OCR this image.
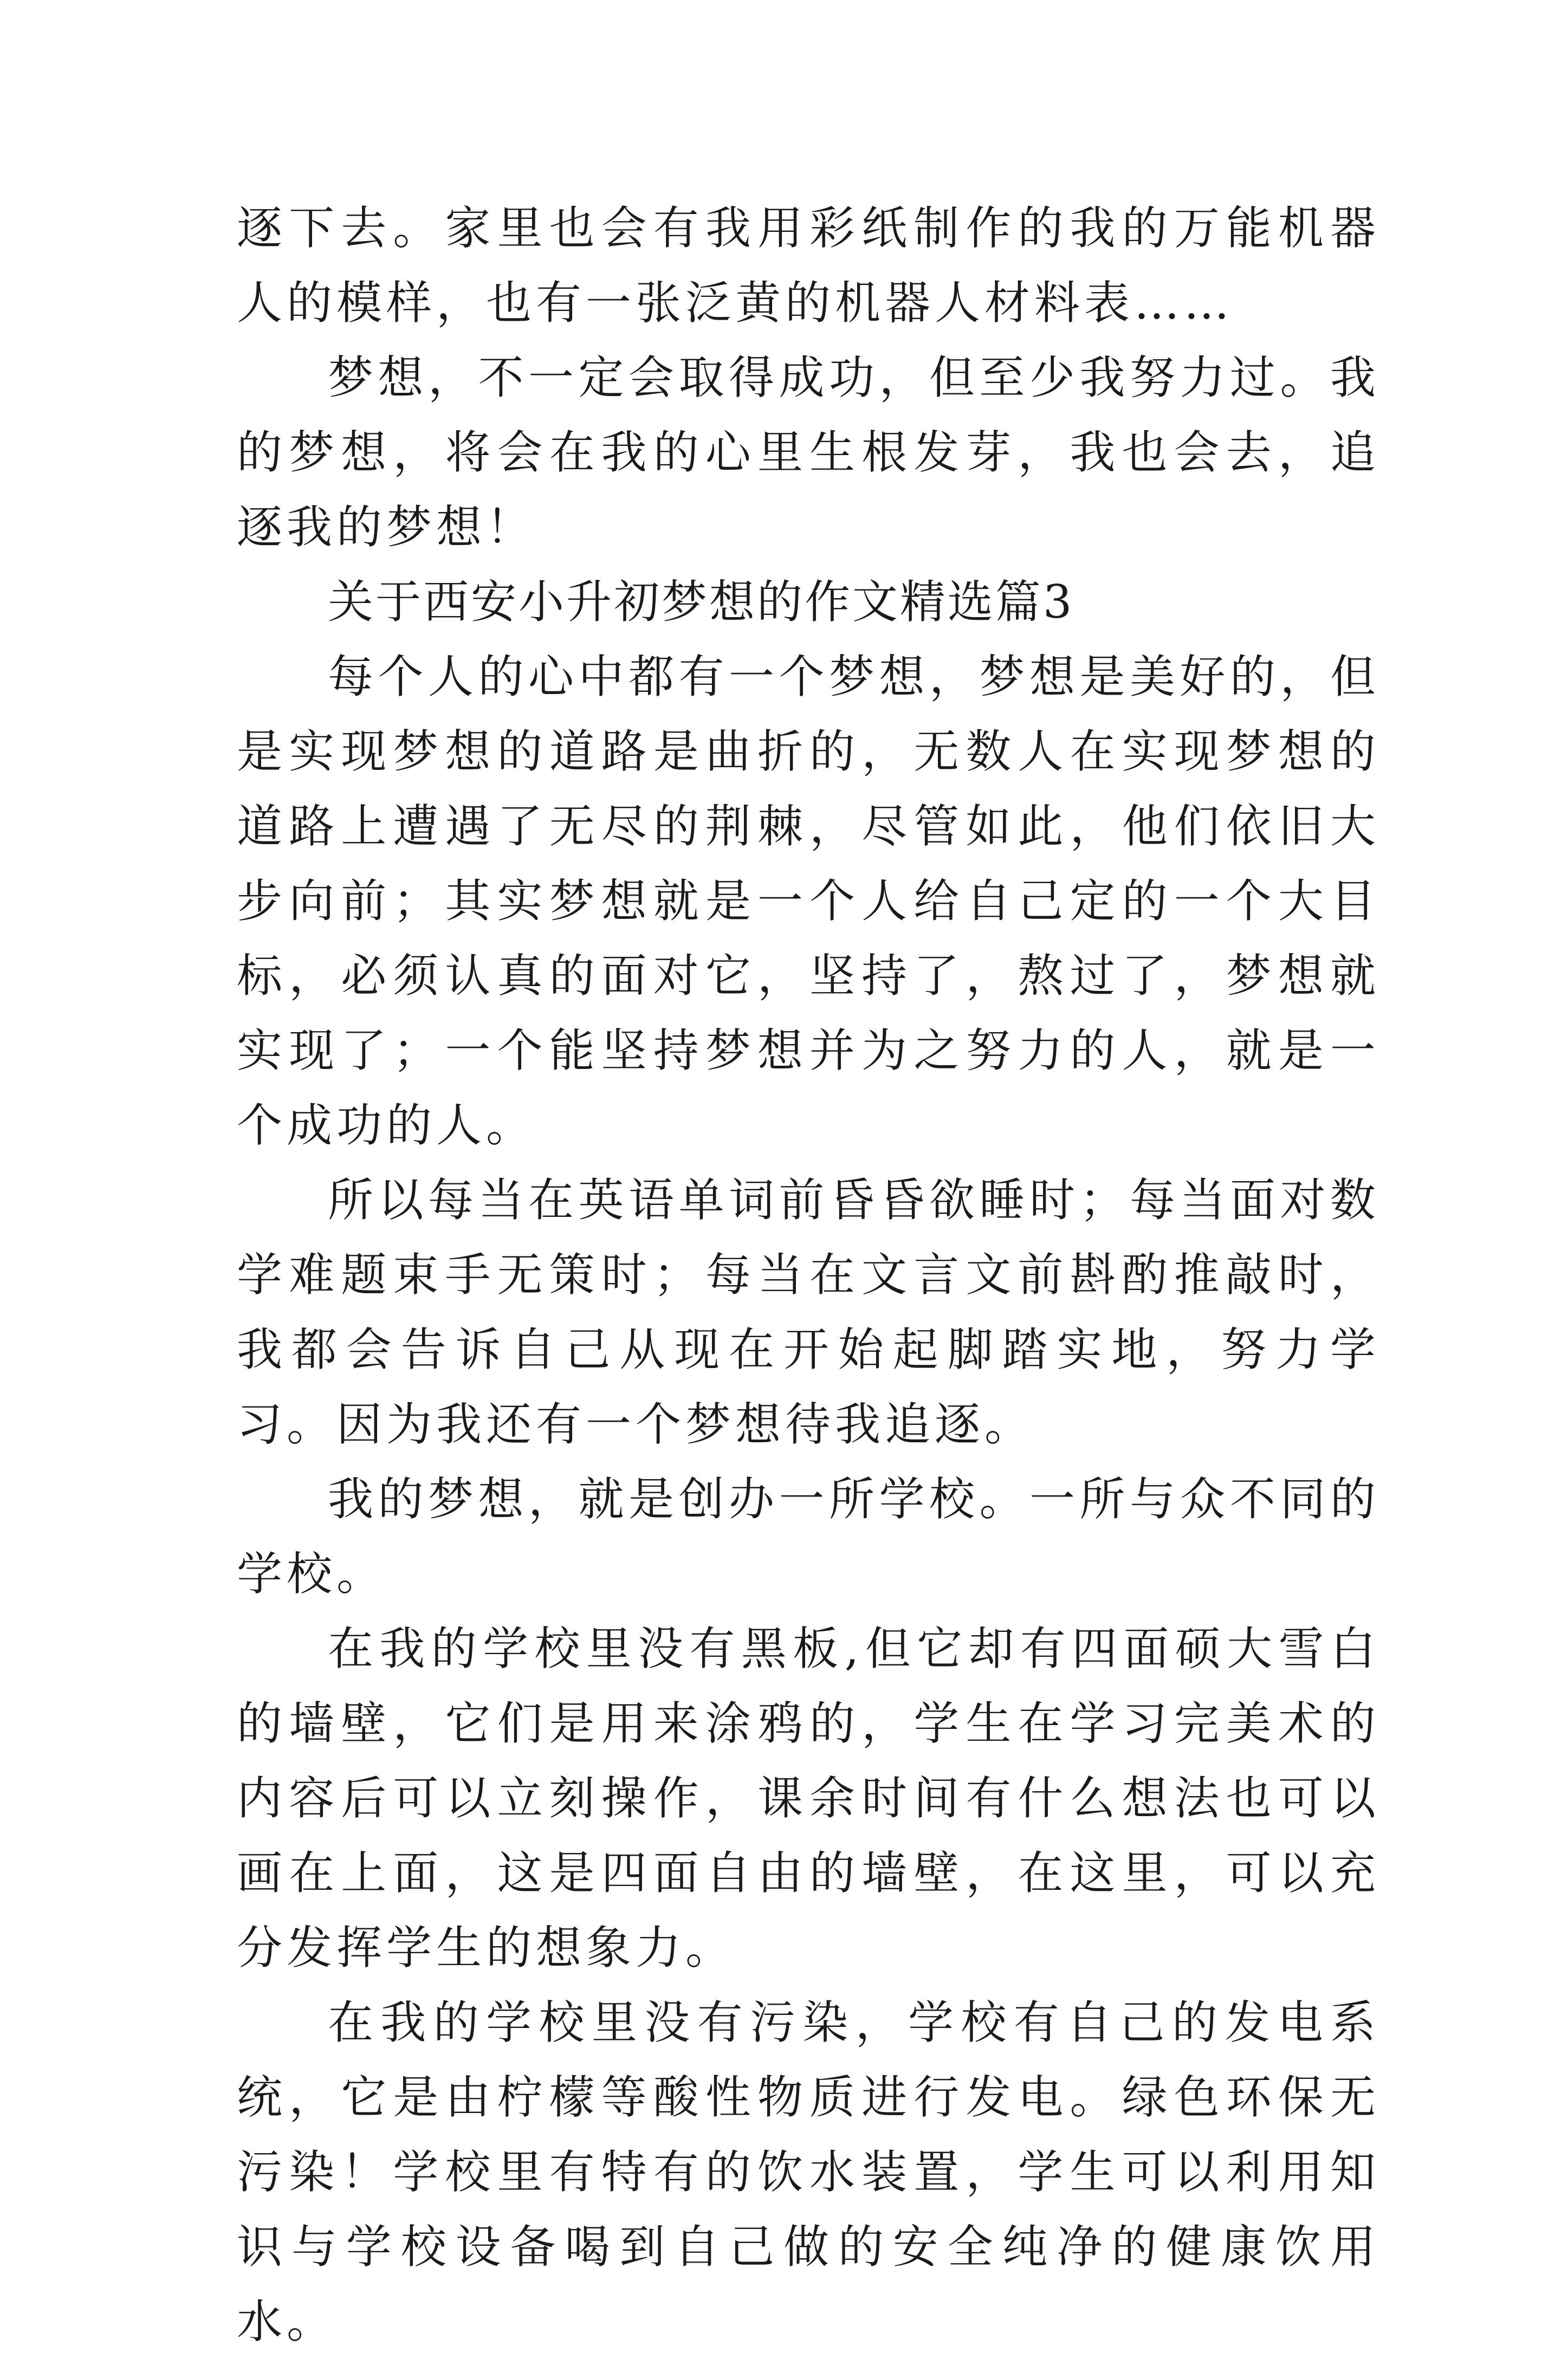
逐下去。家里也会有我用彩纸制作的我的万能机器人的模样，也有一张泛黄的机器人材料表……

梦想，不一定会取得成功，但至少我努力过。我的梦想，将会在我的心里生根发芽，我也会去，追逐我的梦想！

关于西安小升初梦想的作文精选篇3

每个人的心中都有一个梦想，梦想是美好的，但是实现梦想的道路是曲折的，无数人在实现梦想的道路上遭遇了无尽的荆棘，尽管如此，他们依旧大步向前；其实梦想就是一个人给自己定的一个大目标，必须认真的面对它，坚持了，熬过了，梦想就实现了；一个能坚持梦想并为之努力的人，就是一个成功的人。

所以每当在英语单词前昏昏欲睡时；每当面对数学难题束手无策时；每当在文言文前斟酌推敲时，我都会告诉自己从现在开始起脚踏实地，努力学习。因为我还有一个梦想待我追逐。

我的梦想，就是创办一所学校。一所与众不同的学校。

在我的学校里没有黑板,但它却有四面硕大雪白的墙壁，它们是用来涂鸦的，学生在学习完美术的内容后可以立刻操作，课余时间有什么想法也可以画在上面，这是四面自由的墙壁，在这里，可以充分发挥学生的想象力。

在我的学校里没有污染，学校有自己的发电系统，它是由柠檬等酸性物质进行发电。绿色环保无污染！学校里有特有的饮水装置，学生可以利用知识与学校设备喝到自己做的安全纯净的健康饮用水。
